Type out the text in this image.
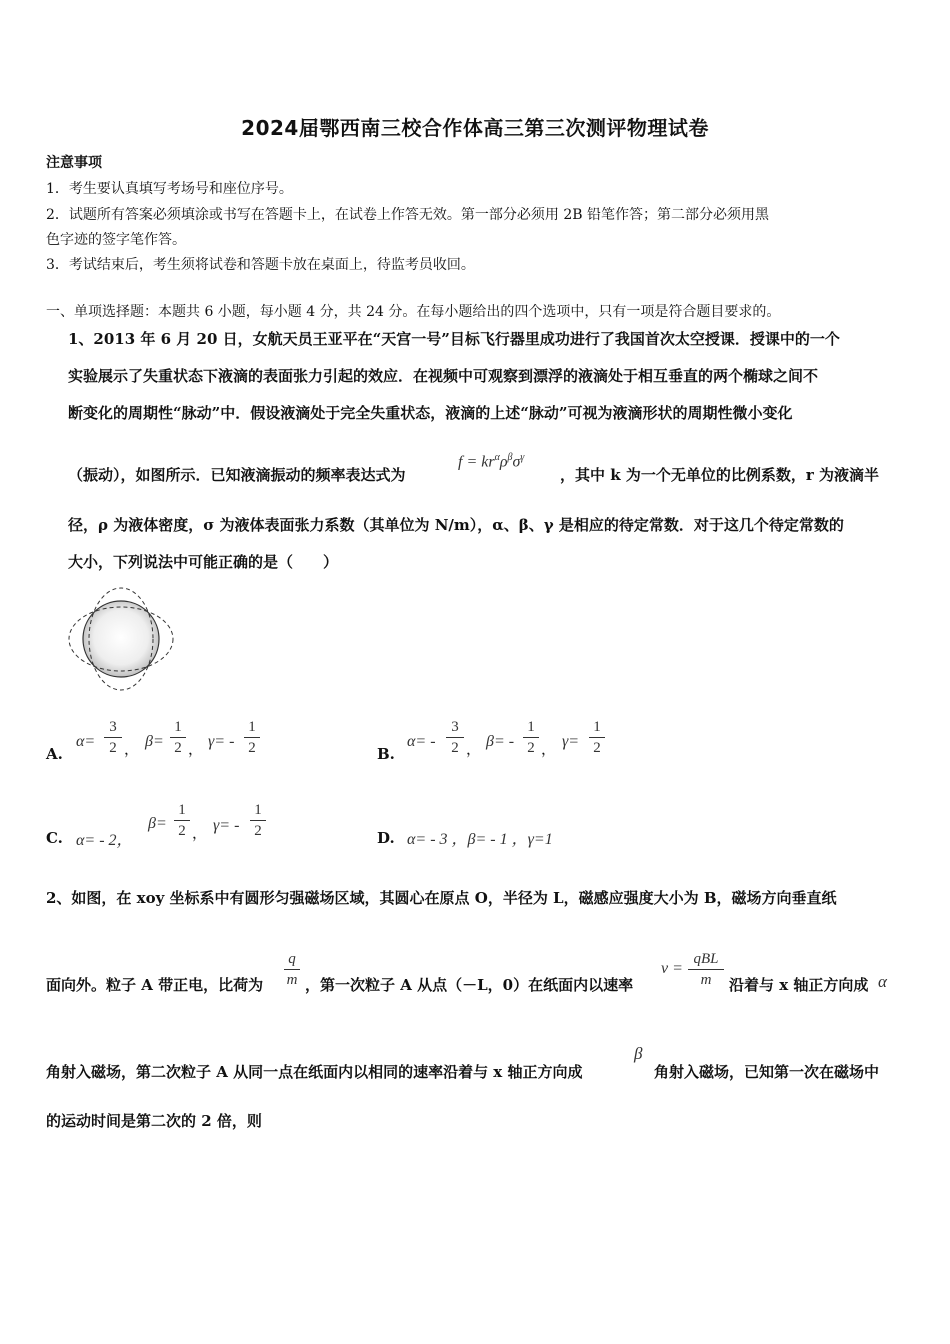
2024届鄂西南三校合作体高三第三次测评物理试卷
注意事项
1．考生要认真填写考场号和座位序号。
2．试题所有答案必须填涂或书写在答题卡上，在试卷上作答无效。第一部分必须用 2B 铅笔作答；第二部分必须用黑
色字迹的签字笔作答。
3．考试结束后，考生须将试卷和答题卡放在桌面上，待监考员收回。
一、单项选择题：本题共 6 小题，每小题 4 分，共 24 分。在每小题给出的四个选项中，只有一项是符合题目要求的。
1、2013 年 6 月 20 日，女航天员王亚平在“天宫一号”目标飞行器里成功进行了我国首次太空授课．授课中的一个
实验展示了失重状态下液滴的表面张力引起的效应．在视频中可观察到漂浮的液滴处于相互垂直的两个椭球之间不
断变化的周期性“脉动”中．假设液滴处于完全失重状态，液滴的上述“脉动”可视为液滴形状的周期性微小变化
（振动），如图所示．已知液滴振动的频率表达式为
$f = kr^\alpha\rho^\beta\sigma^\gamma$
，其中 k 为一个无单位的比例系数，r 为液滴半
径，ρ 为液体密度，σ 为液体表面张力系数（其单位为 N/m），α、β、γ 是相应的待定常数．对于这几个待定常数的
大小，下列说法中可能正确的是（　　）
A.
α=
3
2 ， β=
1
2 ， γ= -
1
2	B.
α= -
3
2 ， β= -
1
2 ， γ=
1
2
C. α= - 2，
β=
1
2 ， γ= -
1
2	D. α= - 3 ，β= - 1 ，γ=1
2、如图，在 xoy 坐标系中有圆形匀强磁场区域，其圆心在原点 O，半径为 L，磁感应强度大小为 B，磁场方向垂直纸
面向外。粒子 A 带正电，比荷为
q
m ，第一次粒子 A 从点（－L，0）在纸面内以速率
v =
qBL
m	沿着与 x 轴正方向成 α
角射入磁场，第二次粒子 A 从同一点在纸面内以相同的速率沿着与 x 轴正方向成
β
角射入磁场，已知第一次在磁场中
的运动时间是第二次的 2 倍，则
